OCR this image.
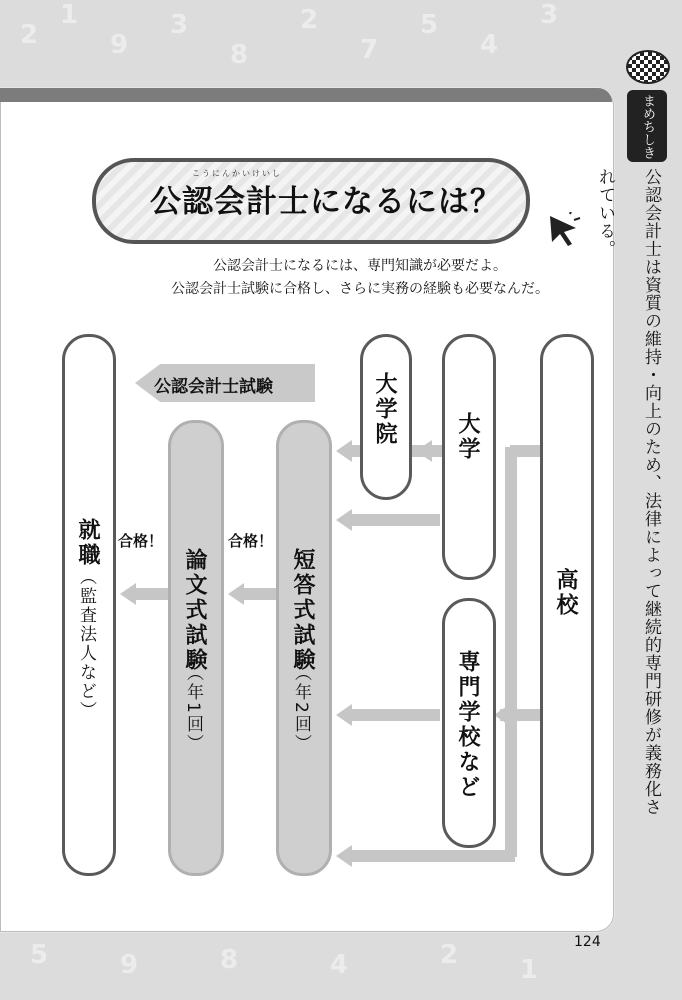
2
1
9
3
8
2
7
5
4
3
5	9	8	4	2 1
まめちしき
公認会計士は資質の維持・向上のため、法律によって継続的専門研修が義務化されている。
こうにんかいけいし
公認会計士になるには？
公認会計士になるには、専門知識が必要だよ。
公認会計士試験に合格し、さらに実務の経験も必要なんだ。
公認会計士試験
就職
（監査法人など）	論文式試験
（年1回）
短答式試験
（年2回）
大学院	大学
専門学校など
高校
合格！	合格！
124
